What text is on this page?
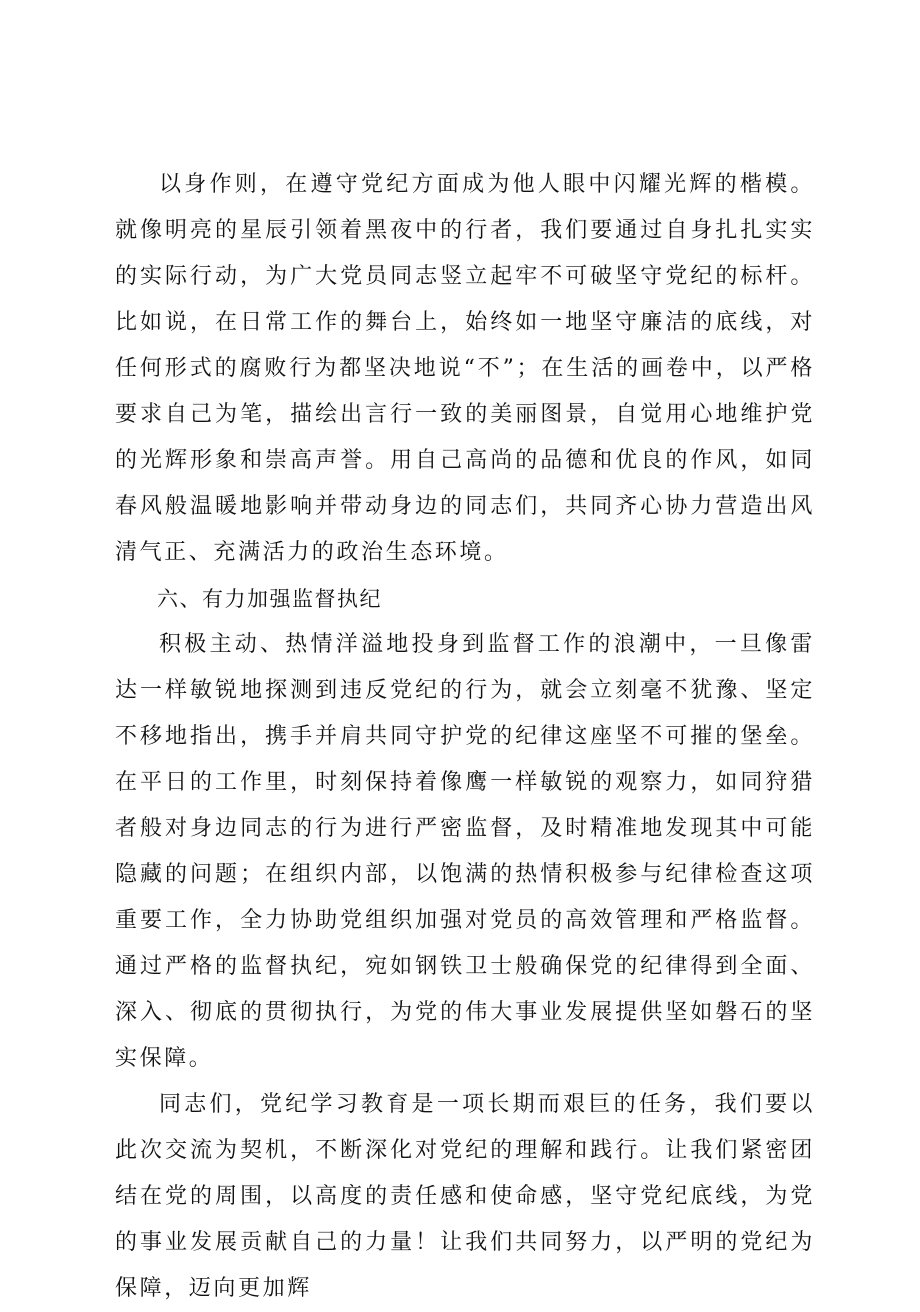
以身作则，在遵守党纪方面成为他人眼中闪耀光辉的楷模。就像明亮的星辰引领着黑夜中的行者，我们要通过自身扎扎实实的实际行动，为广大党员同志竖立起牢不可破坚守党纪的标杆。比如说，在日常工作的舞台上，始终如一地坚守廉洁的底线，对任何形式的腐败行为都坚决地说“不”；在生活的画卷中，以严格要求自己为笔，描绘出言行一致的美丽图景，自觉用心地维护党的光辉形象和崇高声誉。用自己高尚的品德和优良的作风，如同春风般温暖地影响并带动身边的同志们，共同齐心协力营造出风清气正、充满活力的政治生态环境。

六、有力加强监督执纪

积极主动、热情洋溢地投身到监督工作的浪潮中，一旦像雷达一样敏锐地探测到违反党纪的行为，就会立刻毫不犹豫、坚定不移地指出，携手并肩共同守护党的纪律这座坚不可摧的堡垒。在平日的工作里，时刻保持着像鹰一样敏锐的观察力，如同狩猎者般对身边同志的行为进行严密监督，及时精准地发现其中可能隐藏的问题；在组织内部，以饱满的热情积极参与纪律检查这项重要工作，全力协助党组织加强对党员的高效管理和严格监督。通过严格的监督执纪，宛如钢铁卫士般确保党的纪律得到全面、深入、彻底的贯彻执行，为党的伟大事业发展提供坚如磐石的坚实保障。

同志们，党纪学习教育是一项长期而艰巨的任务，我们要以此次交流为契机，不断深化对党纪的理解和践行。让我们紧密团结在党的周围，以高度的责任感和使命感，坚守党纪底线，为党的事业发展贡献自己的力量！让我们共同努力，以严明的党纪为保障，迈向更加辉
